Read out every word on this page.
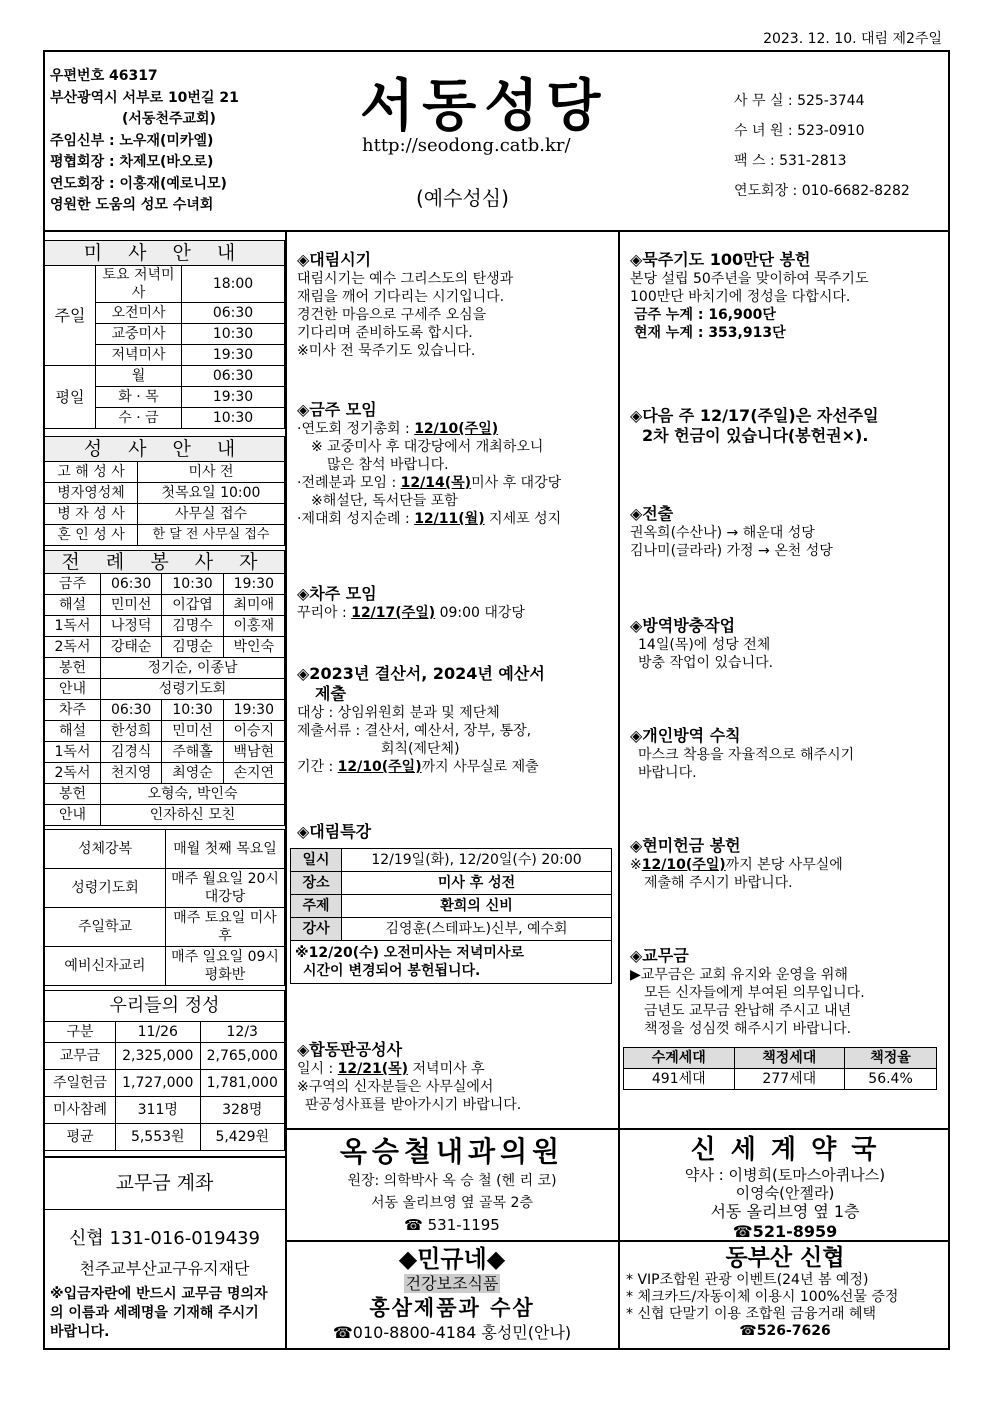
2023. 12. 10. 대림 제2주일
우편번호 46317
부산광역시 서부로 10번길 21
(서동천주교회)
주임신부 : 노우재(미카엘)
평협회장 : 차제모(바오로)
연도회장 : 이홍재(예로니모)
영원한 도움의 성모 수녀회
서동성당
http://seodong.catb.kr/
(예수성심)
사 무 실 : 525-3744
수 녀 원 : 523-0910
팩 스 : 531-2813
연도회장 : 010-6682-8282
미 사 안 내		
주일	토요 저녁미사	18:00
	오전미사	06:30
	교중미사	10:30
	저녁미사	19:30
평일	월	06:30
	화 · 목	19:30
	수 · 금	10:30
성 사 안 내	
고 해 성 사	미사 전
병자영성체	첫목요일 10:00
병 자 성 사	사무실 접수
혼 인 성 사	한 달 전 사무실 접수
전 례 봉 사 자			
금주	06:30	10:30	19:30
해설	민미선	이갑엽	최미애
1독서	나정덕	김명수	이홍재
2독서	강태순	김명순	박인숙
봉헌	정기순, 이종남		
안내	성령기도회		
차주	06:30	10:30	19:30
해설	한성희	민미선	이승지
1독서	김경식	주해홀	백남현
2독서	천지영	최영순	손지연
봉헌	오형숙, 박인숙		
안내	인자하신 모친		
성체강복	매월 첫째 목요일
성령기도회	매주 월요일 20시 대강당
주일학교	매주 토요일 미사 후
예비신자교리	매주 일요일 09시 평화반
우리들의 정성		
구분	11/26	12/3
교무금	2,325,000	2,765,000
주일헌금	1,727,000	1,781,000
미사참례	311명	328명
평균	5,553원	5,429원
교무금 계좌
신협 131-016-019439
천주교부산교구유지재단
※입금자란에 반드시 교무금 명의자의 이름과 세례명을 기재해 주시기 바랍니다.
◈대림시기

대림시기는 예수 그리스도의 탄생과

재림을 깨어 기다리는 시기입니다.

경건한 마음으로 구세주 오심을

기다리며 준비하도록 합시다.

※미사 전 묵주기도 있습니다.

◈금주 모임

·연도회 정기총회 : 12/10(주일)

※ 교중미사 후 대강당에서 개최하오니

많은 참석 바랍니다.

·전례분과 모임 : 12/14(목)미사 후 대강당

※해설단, 독서단들 포함

·제대회 성지순례 : 12/11(월) 지세포 성지

◈차주 모임

꾸리아 : 12/17(주일) 09:00 대강당

◈2023년 결산서, 2024년 예산서
제출

대상 : 상임위원회 분과 및 제단체

제출서류 : 결산서, 예산서, 장부, 통장,

회칙(제단체)

기간 : 12/10(주일)까지 사무실로 제출

◈대림특강
일시	12/19일(화), 12/20일(수) 20:00
장소	미사 후 성전
주제	환희의 신비
강사	김영훈(스테파노)신부, 예수회

※12/20(수) 오전미사는 저녁미사로
시간이 변경되어 봉헌됩니다.	
◈합동판공성사

일시 : 12/21(목) 저녁미사 후

※구역의 신자분들은 사무실에서

판공성사표를 받아가시기 바랍니다.

◈묵주기도 100만단 봉헌

본당 설립 50주년을 맞이하여 묵주기도

100만단 바치기에 정성을 다합시다.

금주 누계 : 16,900단

현재 누계 : 353,913단

◈다음 주 12/17(주일)은 자선주일
2차 헌금이 있습니다(봉헌권×).
◈전출

권옥희(수산나) → 해운대 성당

김나미(글라라) 가정 → 온천 성당

◈방역방충작업

14일(목)에 성당 전체

방충 작업이 있습니다.

◈개인방역 수칙

마스크 착용을 자율적으로 해주시기

바랍니다.

◈현미헌금 봉헌

※12/10(주일)까지 본당 사무실에

제출해 주시기 바랍니다.

◈교무금

▶교무금은 교회 유지와 운영을 위해

모든 신자들에게 부여된 의무입니다.

금년도 교무금 완납해 주시고 내년

책정을 성심껏 해주시기 바랍니다.

수계세대	책정세대	책정율
491세대	277세대	56.4%
옥승철내과의원
원장: 의학박사 옥 승 철 (헨 리 코)
서동 올리브영 옆 골목 2층
☎ 531-1195
신 세 계 약 국
약사 : 이병희(토마스아퀴나스)
이영숙(안젤라)
서동 올리브영 옆 1층
☎521-8959
◆민규네◆
건강보조식품
홍삼제품과 수삼
☎010-8800-4184 홍성민(안나)
동부산 신협
* VIP조합원 관광 이벤트(24년 봄 예정)
* 체크카드/자동이체 이용시 100%선물 증정
* 신협 단말기 이용 조합원 금융거래 혜택
☎526-7626
